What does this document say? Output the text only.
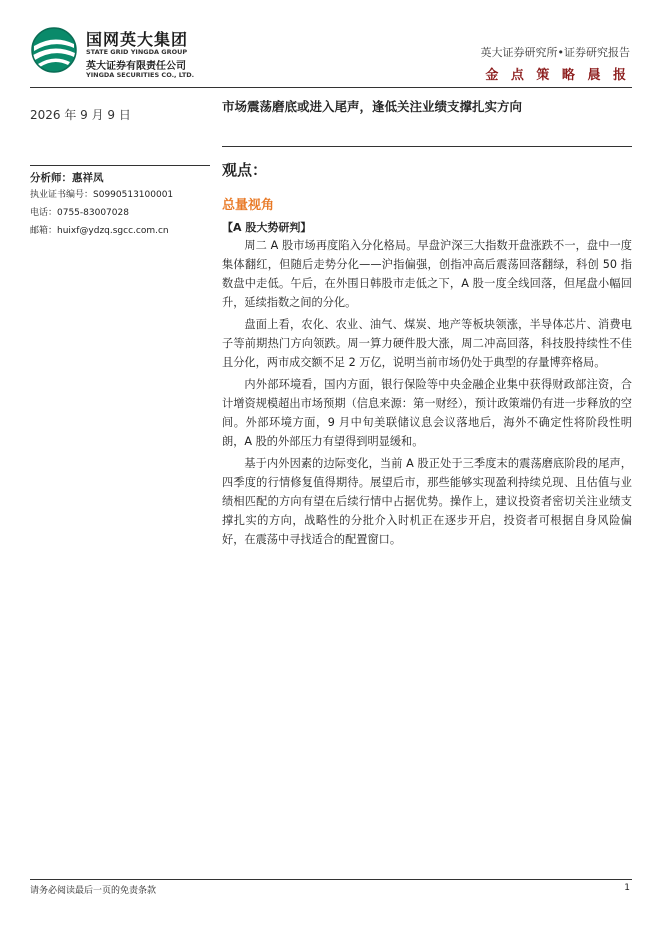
国网英大集团
STATE GRID YINGDA GROUP
英大证券有限责任公司
YINGDA SECURITIES CO., LTD.
英大证券研究所•证券研究报告
金 点 策 略 晨 报
2026 年 9 月 9 日
市场震荡磨底或进入尾声，逢低关注业绩支撑扎实方向
分析师：惠祥凤
执业证书编号：S0990513100001
电话：0755-83007028
邮箱：huixf@ydzq.sgcc.com.cn
观点：
总量视角
【A 股大势研判】

周二 A 股市场再度陷入分化格局。早盘沪深三大指数开盘涨跌不一，盘中一度集体翻红，但随后走势分化——沪指偏强，创指冲高后震荡回落翻绿，科创 50 指数盘中走低。午后，在外围日韩股市走低之下，A 股一度全线回落，但尾盘小幅回升，延续指数之间的分化。

盘面上看，农化、农业、油气、煤炭、地产等板块领涨，半导体芯片、消费电子等前期热门方向领跌。周一算力硬件股大涨，周二冲高回落，科技股持续性不佳且分化，两市成交额不足 2 万亿，说明当前市场仍处于典型的存量博弈格局。

内外部环境看，国内方面，银行保险等中央金融企业集中获得财政部注资，合计增资规模超出市场预期（信息来源：第一财经），预计政策端仍有进一步释放的空间。外部环境方面，9 月中旬美联储议息会议落地后，海外不确定性将阶段性明朗，A 股的外部压力有望得到明显缓和。

基于内外因素的边际变化，当前 A 股正处于三季度末的震荡磨底阶段的尾声，四季度的行情修复值得期待。展望后市，那些能够实现盈利持续兑现、且估值与业绩相匹配的方向有望在后续行情中占据优势。操作上，建议投资者密切关注业绩支撑扎实的方向，战略性的分批介入时机正在逐步开启，投资者可根据自身风险偏好，在震荡中寻找适合的配置窗口。

请务必阅读最后一页的免责条款	1
